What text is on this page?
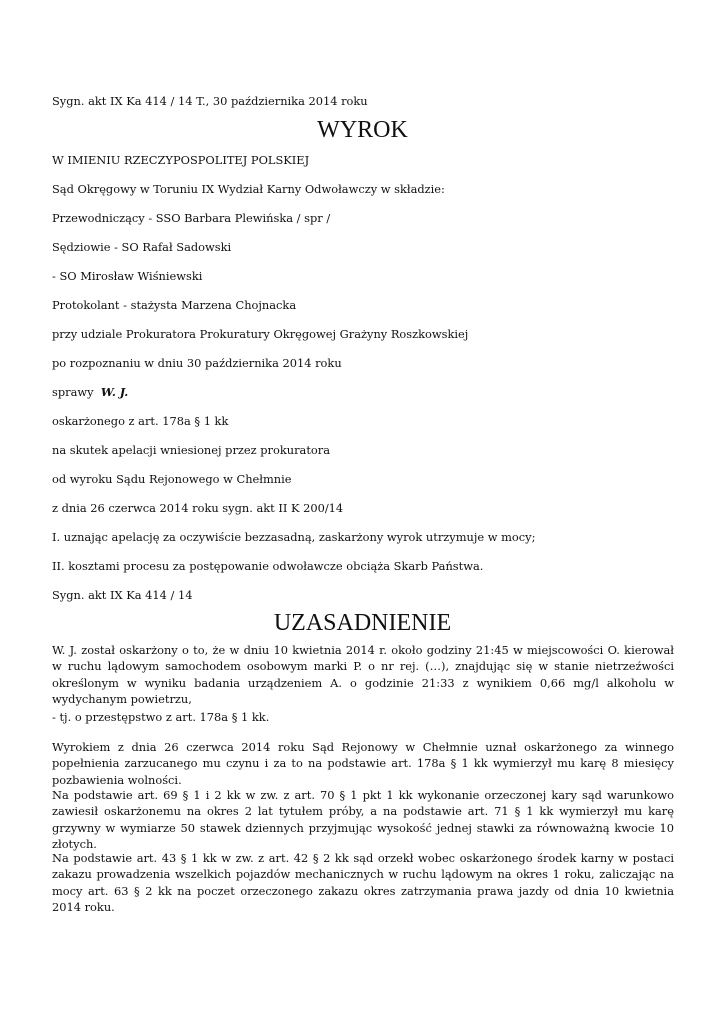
Sygn. akt IX Ka 414 / 14 T., 30 października 2014 roku

WYROK

W IMIENIU RZECZYPOSPOLITEJ POLSKIEJ

Sąd Okręgowy w Toruniu IX Wydział Karny Odwoławczy w składzie:

Przewodniczący - SSO Barbara Plewińska / spr /

Sędziowie - SO Rafał Sadowski

- SO Mirosław Wiśniewski

Protokolant - stażysta Marzena Chojnacka

przy udziale Prokuratora Prokuratury Okręgowej Grażyny Roszkowskiej

po rozpoznaniu w dniu 30 października 2014 roku

sprawy W. J.

oskarżonego z art. 178a § 1 kk

na skutek apelacji wniesionej przez prokuratora

od wyroku Sądu Rejonowego w Chełmnie

z dnia 26 czerwca 2014 roku sygn. akt II K 200/14

I. uznając apelację za oczywiście bezzasadną, zaskarżony wyrok utrzymuje w mocy;

II. kosztami procesu za postępowanie odwoławcze obciąża Skarb Państwa.

Sygn. akt IX Ka 414 / 14

UZASADNIENIE

W. J. został oskarżony o to, że w dniu 10 kwietnia 2014 r. około godziny 21:45 w miejscowości O. kierował w ruchu lądowym samochodem osobowym marki P. o nr rej. (…), znajdując się w stanie nietrzeźwości określonym w wyniku badania urządzeniem A. o godzinie 21:33 z wynikiem 0,66 mg/l alkoholu w wydychanym powietrzu,

- tj. o przestępstwo z art. 178a § 1 kk.

Wyrokiem z dnia 26 czerwca 2014 roku Sąd Rejonowy w Chełmnie uznał oskarżonego za winnego popełnienia zarzucanego mu czynu i za to na podstawie art. 178a § 1 kk wymierzył mu karę 8 miesięcy pozbawienia wolności.

Na podstawie art. 69 § 1 i 2 kk w zw. z art. 70 § 1 pkt 1 kk wykonanie orzeczonej kary sąd warunkowo zawiesił oskarżonemu na okres 2 lat tytułem próby, a na podstawie art. 71 § 1 kk wymierzył mu karę grzywny w wymiarze 50 stawek dziennych przyjmując wysokość jednej stawki za równoważną kwocie 10 złotych.

Na podstawie art. 43 § 1 kk w zw. z art. 42 § 2 kk sąd orzekł wobec oskarżonego środek karny w postaci zakazu prowadzenia wszelkich pojazdów mechanicznych w ruchu lądowym na okres 1 roku, zaliczając na mocy art. 63 § 2 kk na poczet orzeczonego zakazu okres zatrzymania prawa jazdy od dnia 10 kwietnia 2014 roku.
